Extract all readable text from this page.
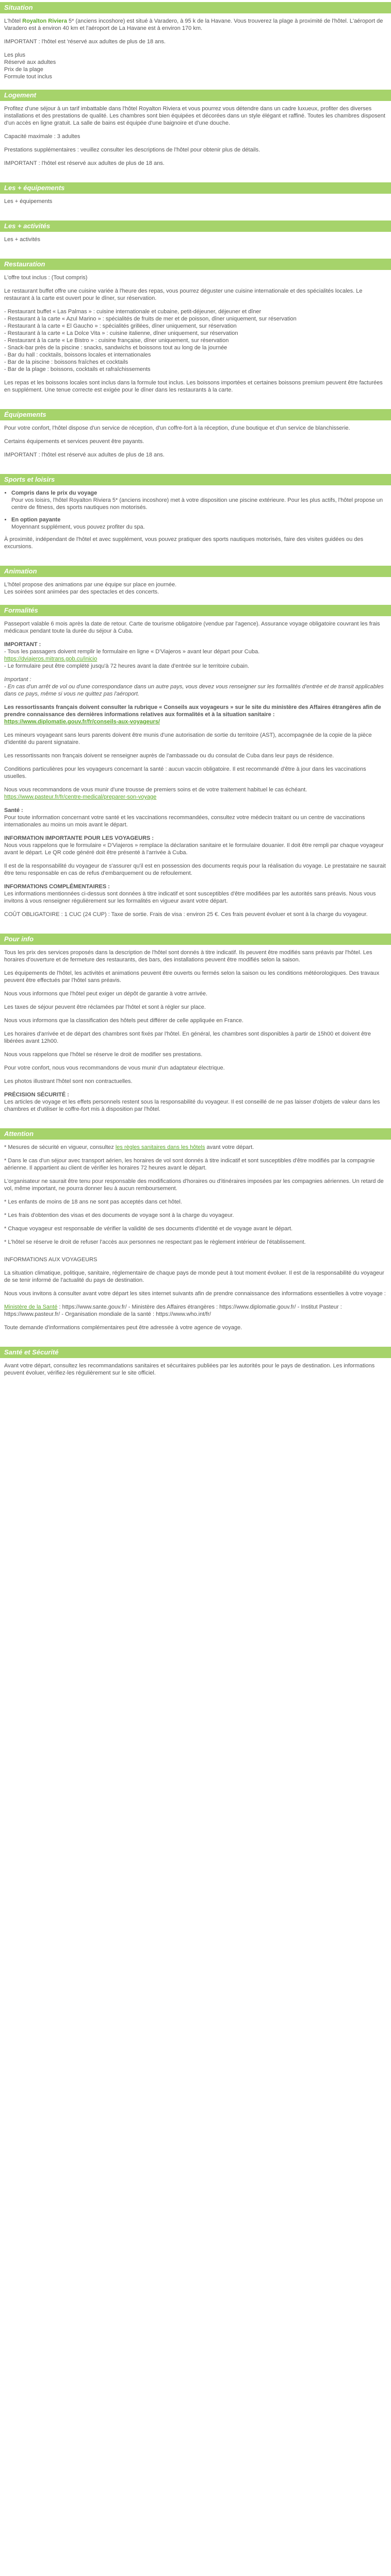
Situation

L'hôtel Royalton Riviera 5* (anciens incoshore) est situé à Varadero, à 95 k de la Havane. Vous trouverez la plage à proximité de l'hôtel. L'aéroport de Varadero est à environ 40 km et l'aéroport de La Havane est à environ 170 km.

IMPORTANT : l'hôtel est 'réservé aux adultes de plus de 18 ans.

Les plus
Réservé aux adultes
Prix de la plage
Formule tout inclus
Logement

Profitez d'une séjour à un tarif imbattable dans l'hôtel Royalton Riviera et vous pourrez vous détendre dans un cadre luxueux, profiter des diverses installations et des prestations de qualité. Les chambres sont bien équipées et décorées dans un style élégant et raffiné. Toutes les chambres disposent d'un accès en ligne gratuit. La salle de bains est équipée d'une baignoire et d'une douche.

Capacité maximale : 3 adultes

Prestations supplémentaires : veuillez consulter les descriptions de l'hôtel pour obtenir plus de détails.

IMPORTANT : l'hôtel est réservé aux adultes de plus de 18 ans.

Les + équipements

Les + équipements

Les + activités

Les + activités

Restauration

L'offre tout inclus : (Tout compris)

Le restaurant buffet offre une cuisine variée à l'heure des repas, vous pourrez déguster une cuisine internationale et des spécialités locales. Le restaurant à la carte est ouvert pour le dîner, sur réservation.

- Restaurant buffet « Las Palmas » : cuisine internationale et cubaine, petit-déjeuner, déjeuner et dîner
- Restaurant à la carte « Azul Marino » : spécialités de fruits de mer et de poisson, dîner uniquement, sur réservation
- Restaurant à la carte « El Gaucho » : spécialités grillées, dîner uniquement, sur réservation
- Restaurant à la carte « La Dolce Vita » : cuisine italienne, dîner uniquement, sur réservation
- Restaurant à la carte « Le Bistro » : cuisine française, dîner uniquement, sur réservation
- Snack-bar près de la piscine : snacks, sandwichs et boissons tout au long de la journée
- Bar du hall : cocktails, boissons locales et internationales
- Bar de la piscine : boissons fraîches et cocktails
- Bar de la plage : boissons, cocktails et rafraîchissements

Les repas et les boissons locales sont inclus dans la formule tout inclus. Les boissons importées et certaines boissons premium peuvent être facturées en supplément. Une tenue correcte est exigée pour le dîner dans les restaurants à la carte.

Équipements

Pour votre confort, l'hôtel dispose d'un service de réception, d'un coffre-fort à la réception, d'une boutique et d'un service de blanchisserie.

Certains équipements et services peuvent être payants.

IMPORTANT : l'hôtel est réservé aux adultes de plus de 18 ans.

Sports et loisirs
• Compris dans le prix du voyage
Pour vos loisirs, l'hôtel Royalton Riviera 5* (anciens incoshore) met à votre disposition une piscine extérieure. Pour les plus actifs, l'hôtel propose un centre de fitness, des sports nautiques non motorisés.
• En option payante
Moyennant supplément, vous pouvez profiter du spa.

À proximité, indépendant de l'hôtel et avec supplément, vous pouvez pratiquer des sports nautiques motorisés, faire des visites guidées ou des excursions.

Animation
L'hôtel propose des animations par une équipe sur place en journée.
Les soirées sont animées par des spectacles et des concerts.
Formalités

Passeport valable 6 mois après la date de retour. Carte de tourisme obligatoire (vendue par l'agence). Assurance voyage obligatoire couvrant les frais médicaux pendant toute la durée du séjour à Cuba.

IMPORTANT :

- Tous les passagers doivent remplir le formulaire en ligne « D'Viajeros » avant leur départ pour Cuba.
https://dviajeros.mitrans.gob.cu/inicio
- Le formulaire peut être complété jusqu'à 72 heures avant la date d'entrée sur le territoire cubain.

Important :

- En cas d'un arrêt de vol ou d'une correspondance dans un autre pays, vous devez vous renseigner sur les formalités d'entrée et de transit applicables dans ce pays, même si vous ne quittez pas l'aéroport.

Les ressortissants français doivent consulter la rubrique « Conseils aux voyageurs » sur le site du ministère des Affaires étrangères afin de prendre connaissance des dernières informations relatives aux formalités et à la situation sanitaire :

https://www.diplomatie.gouv.fr/fr/conseils-aux-voyageurs/

Les mineurs voyageant sans leurs parents doivent être munis d'une autorisation de sortie du territoire (AST), accompagnée de la copie de la pièce d'identité du parent signataire.

Les ressortissants non français doivent se renseigner auprès de l'ambassade ou du consulat de Cuba dans leur pays de résidence.

Conditions particulières pour les voyageurs concernant la santé : aucun vaccin obligatoire. Il est recommandé d'être à jour dans les vaccinations usuelles.

Nous vous recommandons de vous munir d'une trousse de premiers soins et de votre traitement habituel le cas échéant.

https://www.pasteur.fr/fr/centre-medical/preparer-son-voyage

Santé :

Pour toute information concernant votre santé et les vaccinations recommandées, consultez votre médecin traitant ou un centre de vaccinations internationales au moins un mois avant le départ.

INFORMATION IMPORTANTE POUR LES VOYAGEURS :

Nous vous rappelons que le formulaire « D'Viajeros » remplace la déclaration sanitaire et le formulaire douanier. Il doit être rempli par chaque voyageur avant le départ. Le QR code généré doit être présenté à l'arrivée à Cuba.

Il est de la responsabilité du voyageur de s'assurer qu'il est en possession des documents requis pour la réalisation du voyage. Le prestataire ne saurait être tenu responsable en cas de refus d'embarquement ou de refoulement.

INFORMATIONS COMPLÉMENTAIRES :

Les informations mentionnées ci-dessus sont données à titre indicatif et sont susceptibles d'être modifiées par les autorités sans préavis. Nous vous invitons à vous renseigner régulièrement sur les formalités en vigueur avant votre départ.

COÛT OBLIGATOIRE : 1 CUC (24 CUP) : Taxe de sortie. Frais de visa : environ 25 €. Ces frais peuvent évoluer et sont à la charge du voyageur.

Pour info

Tous les prix des services proposés dans la description de l'hôtel sont donnés à titre indicatif. Ils peuvent être modifiés sans préavis par l'hôtel. Les horaires d'ouverture et de fermeture des restaurants, des bars, des installations peuvent être modifiés selon la saison.

Les équipements de l'hôtel, les activités et animations peuvent être ouverts ou fermés selon la saison ou les conditions météorologiques. Des travaux peuvent être effectués par l'hôtel sans préavis.

Nous vous informons que l'hôtel peut exiger un dépôt de garantie à votre arrivée.

Les taxes de séjour peuvent être réclamées par l'hôtel et sont à régler sur place.

Nous vous informons que la classification des hôtels peut différer de celle appliquée en France.

Les horaires d'arrivée et de départ des chambres sont fixés par l'hôtel. En général, les chambres sont disponibles à partir de 15h00 et doivent être libérées avant 12h00.

Nous vous rappelons que l'hôtel se réserve le droit de modifier ses prestations.

Pour votre confort, nous vous recommandons de vous munir d'un adaptateur électrique.

Les photos illustrant l'hôtel sont non contractuelles.

PRÉCISION SÉCURITÉ :

Les articles de voyage et les effets personnels restent sous la responsabilité du voyageur. Il est conseillé de ne pas laisser d'objets de valeur dans les chambres et d'utiliser le coffre-fort mis à disposition par l'hôtel.

Attention

* Mesures de sécurité en vigueur, consultez les règles sanitaires dans les hôtels avant votre départ.

* Dans le cas d'un séjour avec transport aérien, les horaires de vol sont donnés à titre indicatif et sont susceptibles d'être modifiés par la compagnie aérienne. Il appartient au client de vérifier les horaires 72 heures avant le départ.

L'organisateur ne saurait être tenu pour responsable des modifications d'horaires ou d'itinéraires imposées par les compagnies aériennes. Un retard de vol, même important, ne pourra donner lieu à aucun remboursement.

* Les enfants de moins de 18 ans ne sont pas acceptés dans cet hôtel.

* Les frais d'obtention des visas et des documents de voyage sont à la charge du voyageur.

* Chaque voyageur est responsable de vérifier la validité de ses documents d'identité et de voyage avant le départ.

* L'hôtel se réserve le droit de refuser l'accès aux personnes ne respectant pas le règlement intérieur de l'établissement.

INFORMATIONS AUX VOYAGEURS

La situation climatique, politique, sanitaire, réglementaire de chaque pays de monde peut à tout moment évoluer. Il est de la responsabilité du voyageur de se tenir informé de l'actualité du pays de destination.

Nous vous invitons à consulter avant votre départ les sites internet suivants afin de prendre connaissance des informations essentielles à votre voyage :

Ministère de la Santé : https://www.sante.gouv.fr/ - Ministère des Affaires étrangères : https://www.diplomatie.gouv.fr/ - Institut Pasteur : https://www.pasteur.fr/ - Organisation mondiale de la santé : https://www.who.int/fr/

Toute demande d'informations complémentaires peut être adressée à votre agence de voyage.

Santé et Sécurité

Avant votre départ, consultez les recommandations sanitaires et sécuritaires publiées par les autorités pour le pays de destination. Les informations peuvent évoluer, vérifiez-les régulièrement sur le site officiel.
